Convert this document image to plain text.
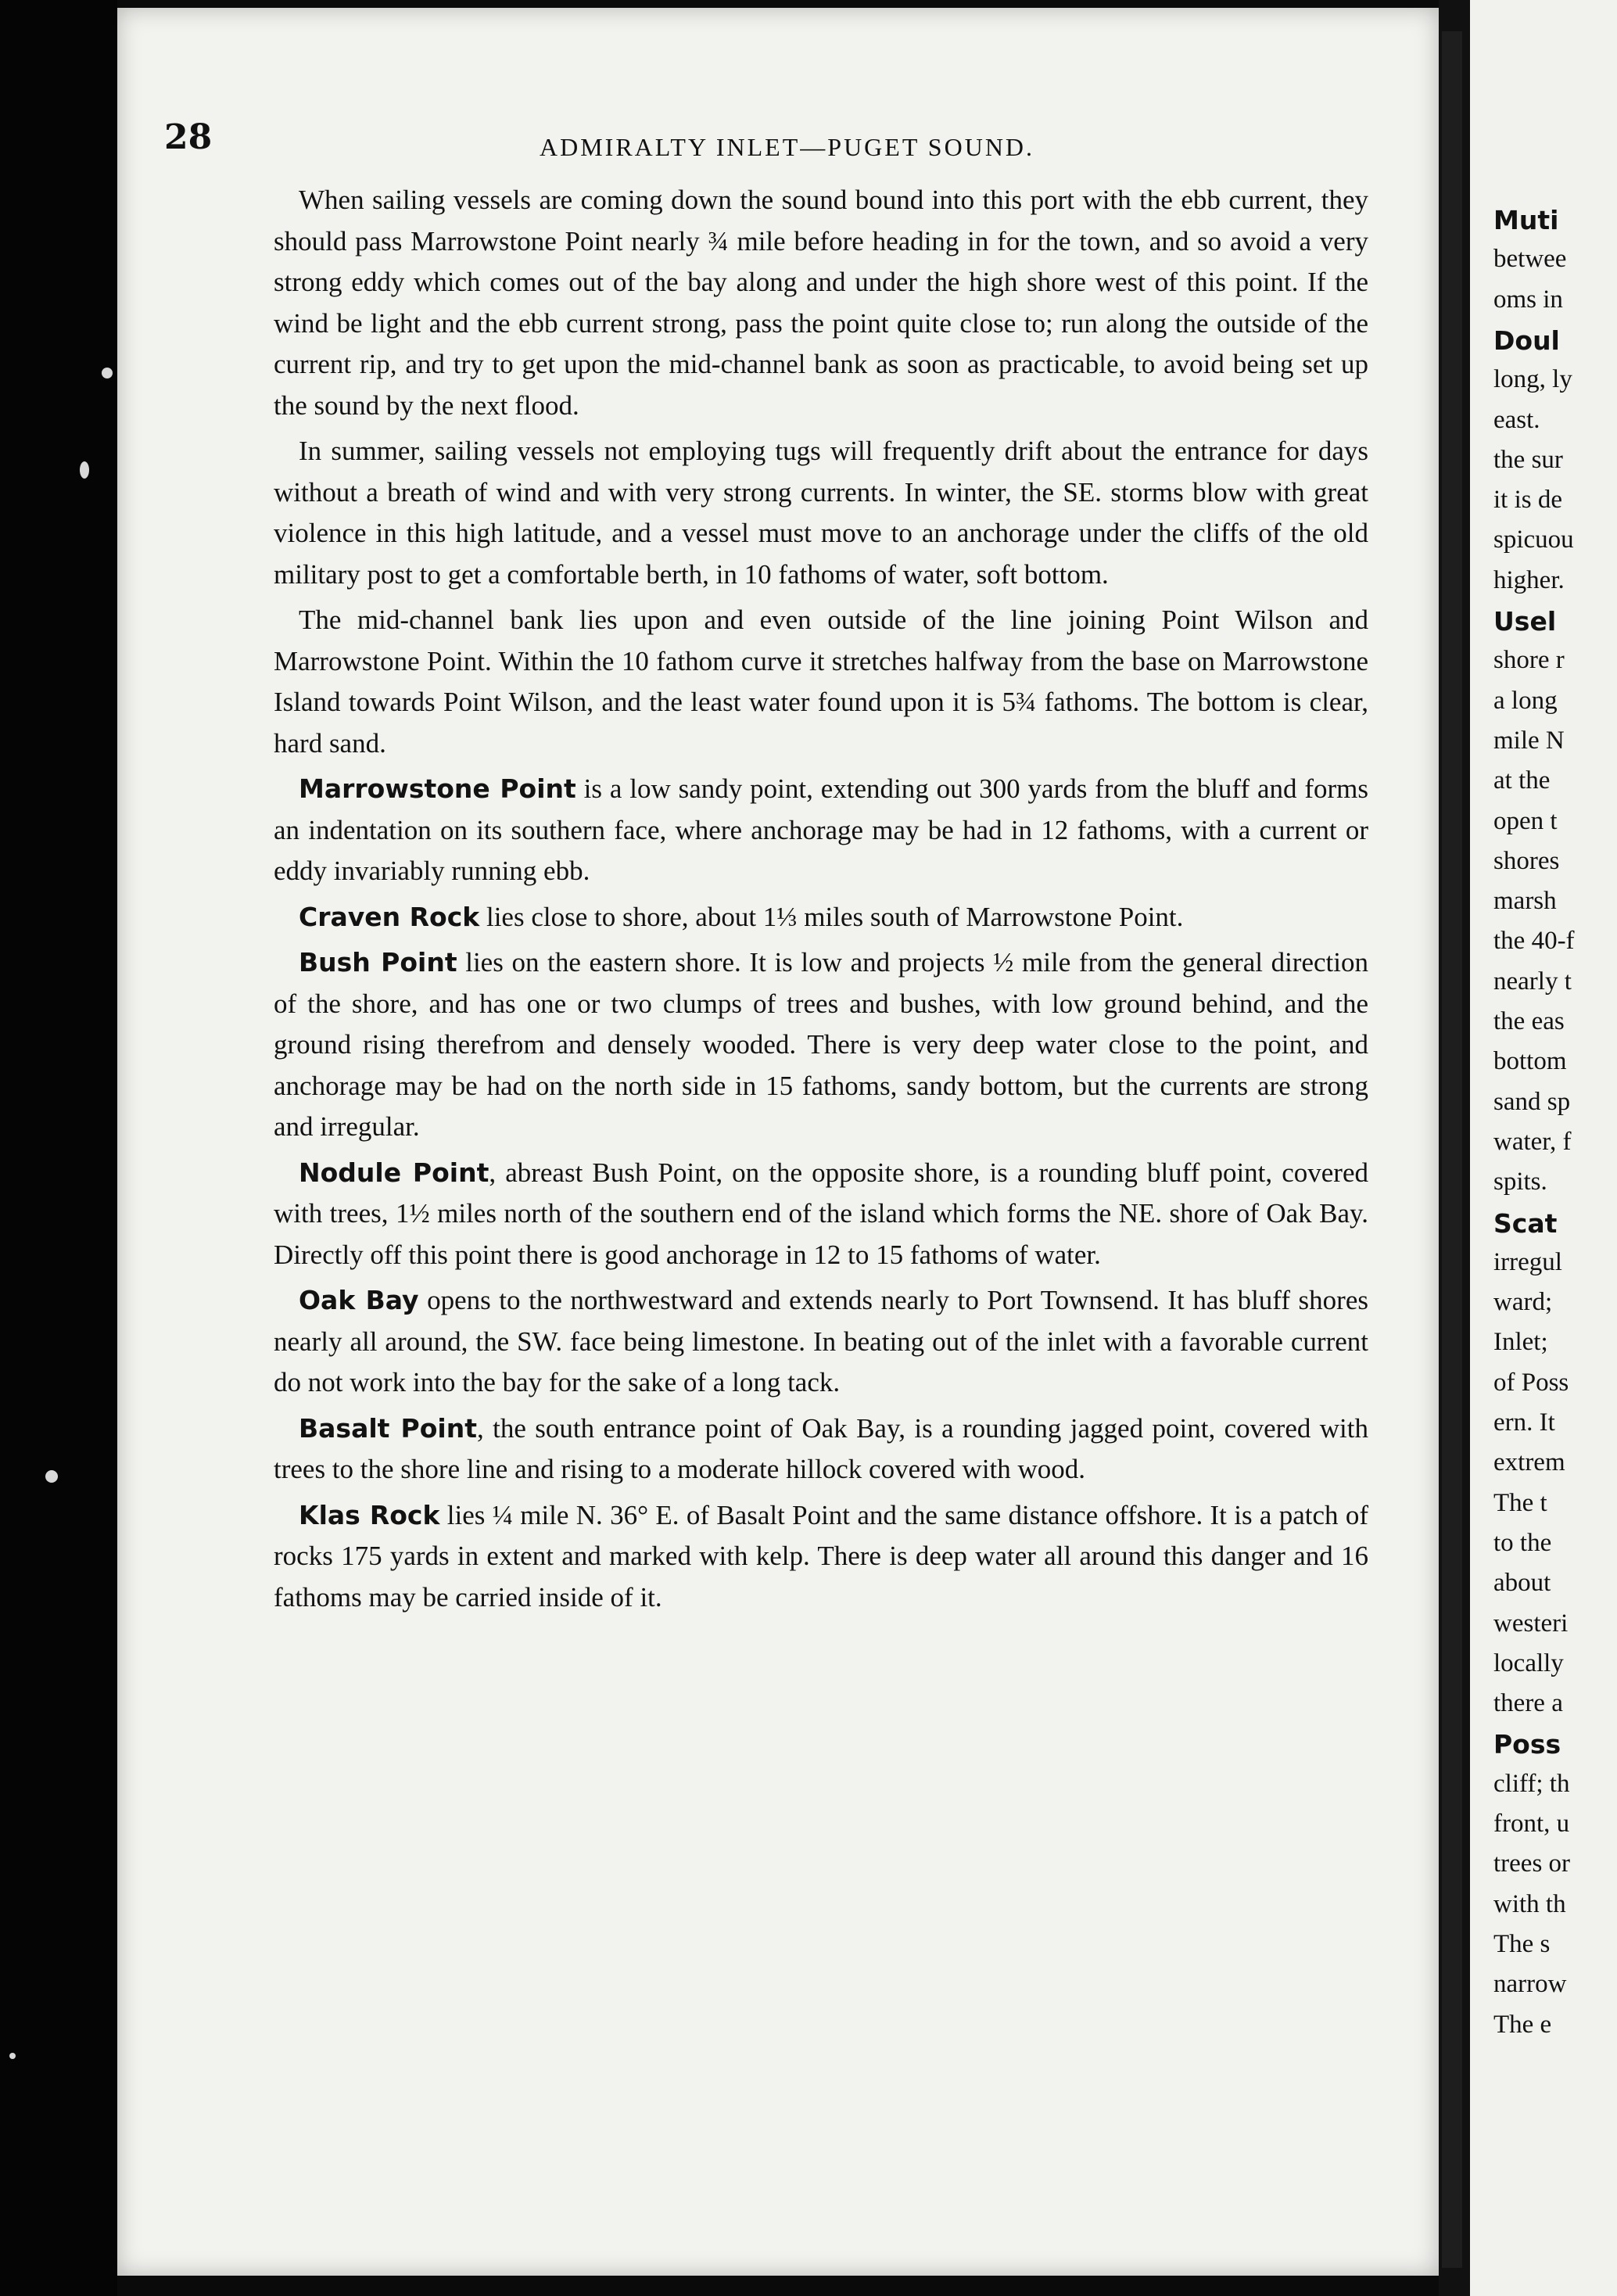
28	ADMIRALTY INLET—PUGET SOUND.

When sailing vessels are coming down the sound bound into this port with the ebb current, they should pass Marrowstone Point nearly ¾ mile before heading in for the town, and so avoid a very strong eddy which comes out of the bay along and under the high shore west of this point. If the wind be light and the ebb current strong, pass the point quite close to; run along the outside of the current rip, and try to get upon the mid-channel bank as soon as practicable, to avoid being set up the sound by the next flood.

In summer, sailing vessels not employing tugs will frequently drift about the entrance for days without a breath of wind and with very strong currents. In winter, the SE. storms blow with great violence in this high latitude, and a vessel must move to an anchorage under the cliffs of the old military post to get a comfortable berth, in 10 fathoms of water, soft bottom.

The mid-channel bank lies upon and even outside of the line joining Point Wilson and Marrowstone Point. Within the 10 fathom curve it stretches halfway from the base on Marrowstone Island towards Point Wilson, and the least water found upon it is 5¾ fathoms. The bottom is clear, hard sand.

Marrowstone Point is a low sandy point, extending out 300 yards from the bluff and forms an indentation on its southern face, where anchorage may be had in 12 fathoms, with a current or eddy invariably running ebb.

Craven Rock lies close to shore, about 1⅓ miles south of Marrowstone Point.

Bush Point lies on the eastern shore. It is low and projects ½ mile from the general direction of the shore, and has one or two clumps of trees and bushes, with low ground behind, and the ground rising therefrom and densely wooded. There is very deep water close to the point, and anchorage may be had on the north side in 15 fathoms, sandy bottom, but the currents are strong and irregular.

Nodule Point, abreast Bush Point, on the opposite shore, is a rounding bluff point, covered with trees, 1½ miles north of the southern end of the island which forms the NE. shore of Oak Bay. Directly off this point there is good anchorage in 12 to 15 fathoms of water.

Oak Bay opens to the northwestward and extends nearly to Port Townsend. It has bluff shores nearly all around, the SW. face being limestone. In beating out of the inlet with a favorable current do not work into the bay for the sake of a long tack.

Basalt Point, the south entrance point of Oak Bay, is a rounding jagged point, covered with trees to the shore line and rising to a moderate hillock covered with wood.

Klas Rock lies ¼ mile N. 36° E. of Basalt Point and the same distance offshore. It is a patch of rocks 175 yards in extent and marked with kelp. There is deep water all around this danger and 16 fathoms may be carried inside of it.

Muti
betwee
oms in
Doul
long, ly
east.
the sur
it is de
spicuou
higher.
Usel
shore r
a long
mile N
at the
open t
shores
marsh
the 40-f
nearly t
the eas
bottom
sand sp
water, f
spits.
Scat
irregul
ward;
Inlet;
of Poss
ern. It
extrem
The t
to the
about
westeri
locally
there a
Poss
cliff; th
front, u
trees or
with th
The s
narrow
The e
